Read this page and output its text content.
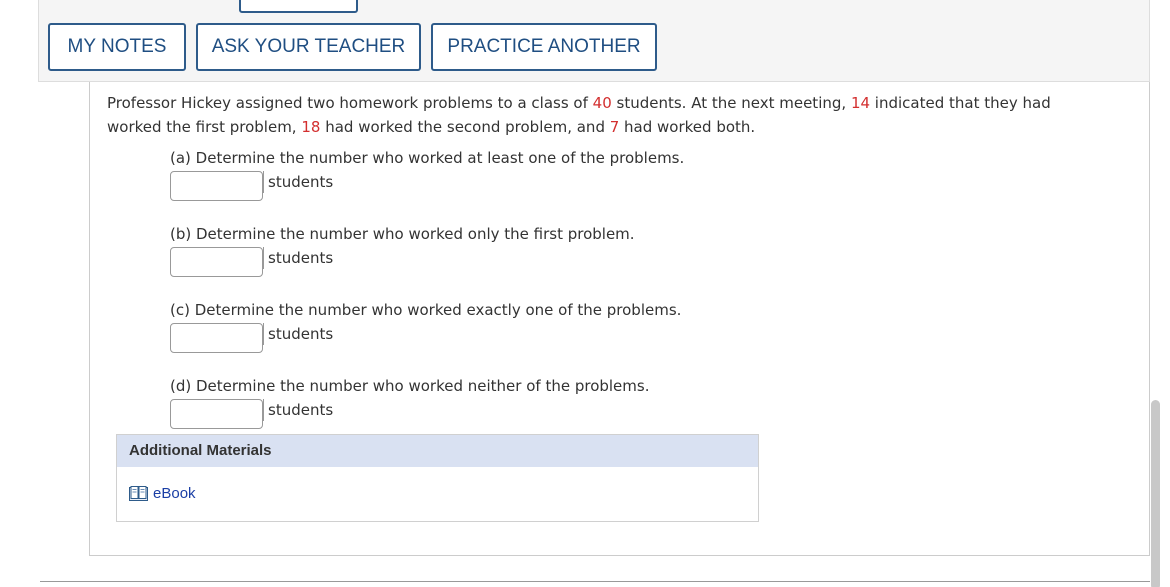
MY NOTES	ASK YOUR TEACHER	PRACTICE ANOTHER
Professor Hickey assigned two homework problems to a class of 40 students. At the next meeting, 14 indicated that they had worked the first problem, 18 had worked the second problem, and 7 had worked both.
(a) Determine the number who worked at least one of the problems.
students
(b) Determine the number who worked only the first problem.
students
(c) Determine the number who worked exactly one of the problems.
students
(d) Determine the number who worked neither of the problems.
students
Additional Materials
eBook
